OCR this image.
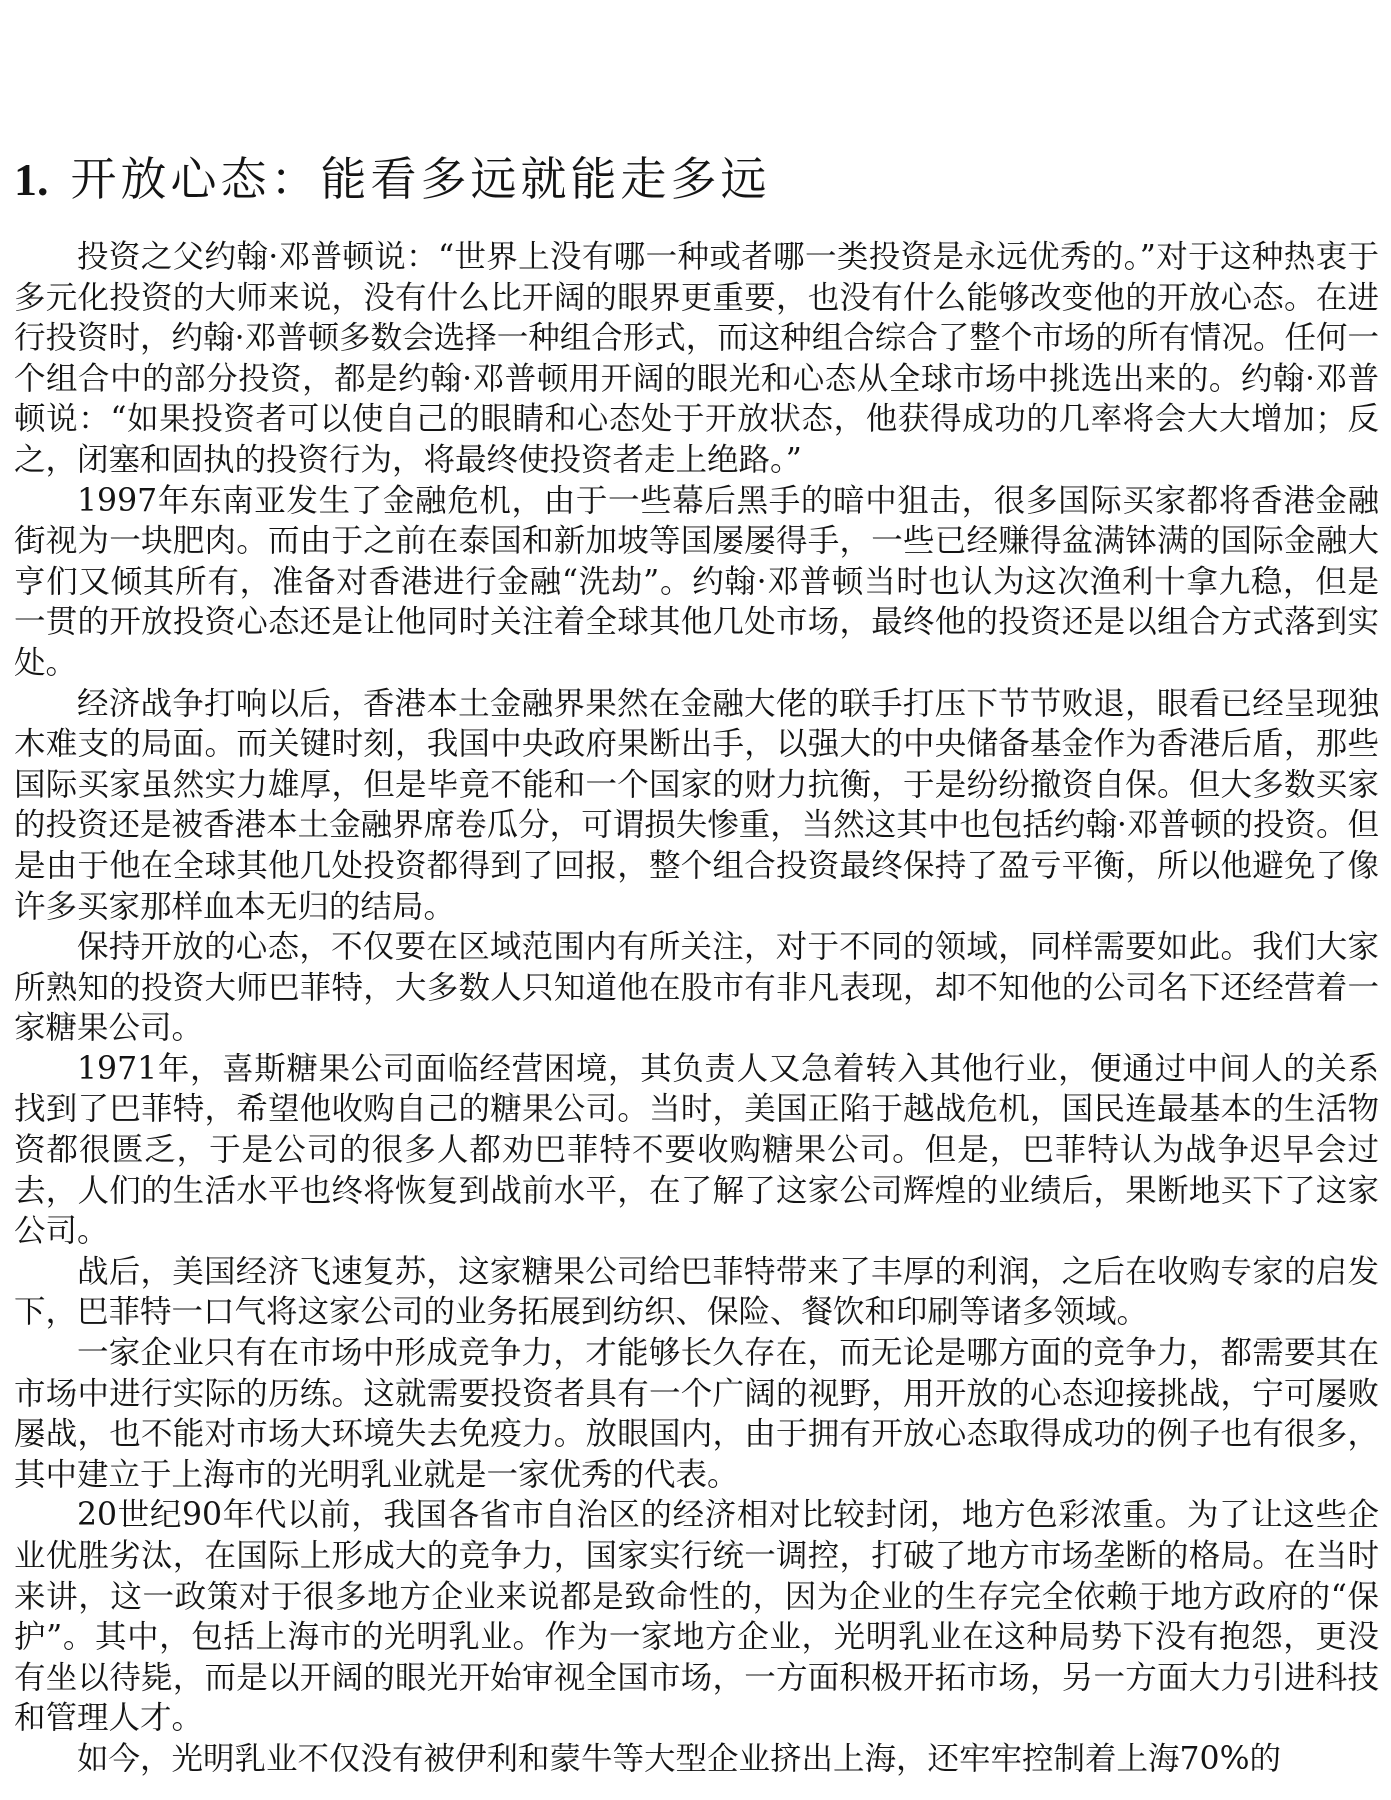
1. 开放心态：能看多远就能走多远

投资之父约翰·邓普顿说：“世界上没有哪一种或者哪一类投资是永远优秀的。”对于这种热衷于多元化投资的大师来说，没有什么比开阔的眼界更重要，也没有什么能够改变他的开放心态。在进行投资时，约翰·邓普顿多数会选择一种组合形式，而这种组合综合了整个市场的所有情况。任何一个组合中的部分投资，都是约翰·邓普顿用开阔的眼光和心态从全球市场中挑选出来的。约翰·邓普顿说：“如果投资者可以使自己的眼睛和心态处于开放状态，他获得成功的几率将会大大增加；反之，闭塞和固执的投资行为，将最终使投资者走上绝路。”

1997年东南亚发生了金融危机，由于一些幕后黑手的暗中狙击，很多国际买家都将香港金融街视为一块肥肉。而由于之前在泰国和新加坡等国屡屡得手，一些已经赚得盆满钵满的国际金融大亨们又倾其所有，准备对香港进行金融“洗劫”。约翰·邓普顿当时也认为这次渔利十拿九稳，但是一贯的开放投资心态还是让他同时关注着全球其他几处市场，最终他的投资还是以组合方式落到实处。

经济战争打响以后，香港本土金融界果然在金融大佬的联手打压下节节败退，眼看已经呈现独木难支的局面。而关键时刻，我国中央政府果断出手，以强大的中央储备基金作为香港后盾，那些国际买家虽然实力雄厚，但是毕竟不能和一个国家的财力抗衡，于是纷纷撤资自保。但大多数买家的投资还是被香港本土金融界席卷瓜分，可谓损失惨重，当然这其中也包括约翰·邓普顿的投资。但是由于他在全球其他几处投资都得到了回报，整个组合投资最终保持了盈亏平衡，所以他避免了像许多买家那样血本无归的结局。

保持开放的心态，不仅要在区域范围内有所关注，对于不同的领域，同样需要如此。我们大家所熟知的投资大师巴菲特，大多数人只知道他在股市有非凡表现，却不知他的公司名下还经营着一家糖果公司。

1971年，喜斯糖果公司面临经营困境，其负责人又急着转入其他行业，便通过中间人的关系找到了巴菲特，希望他收购自己的糖果公司。当时，美国正陷于越战危机，国民连最基本的生活物资都很匮乏，于是公司的很多人都劝巴菲特不要收购糖果公司。但是，巴菲特认为战争迟早会过去，人们的生活水平也终将恢复到战前水平，在了解了这家公司辉煌的业绩后，果断地买下了这家公司。

战后，美国经济飞速复苏，这家糖果公司给巴菲特带来了丰厚的利润，之后在收购专家的启发下，巴菲特一口气将这家公司的业务拓展到纺织、保险、餐饮和印刷等诸多领域。

一家企业只有在市场中形成竞争力，才能够长久存在，而无论是哪方面的竞争力，都需要其在市场中进行实际的历练。这就需要投资者具有一个广阔的视野，用开放的心态迎接挑战，宁可屡败屡战，也不能对市场大环境失去免疫力。放眼国内，由于拥有开放心态取得成功的例子也有很多，其中建立于上海市的光明乳业就是一家优秀的代表。

20世纪90年代以前，我国各省市自治区的经济相对比较封闭，地方色彩浓重。为了让这些企业优胜劣汰，在国际上形成大的竞争力，国家实行统一调控，打破了地方市场垄断的格局。在当时来讲，这一政策对于很多地方企业来说都是致命性的，因为企业的生存完全依赖于地方政府的“保护”。其中，包括上海市的光明乳业。作为一家地方企业，光明乳业在这种局势下没有抱怨，更没有坐以待毙，而是以开阔的眼光开始审视全国市场，一方面积极开拓市场，另一方面大力引进科技和管理人才。

如今，光明乳业不仅没有被伊利和蒙牛等大型企业挤出上海，还牢牢控制着上海70%的
